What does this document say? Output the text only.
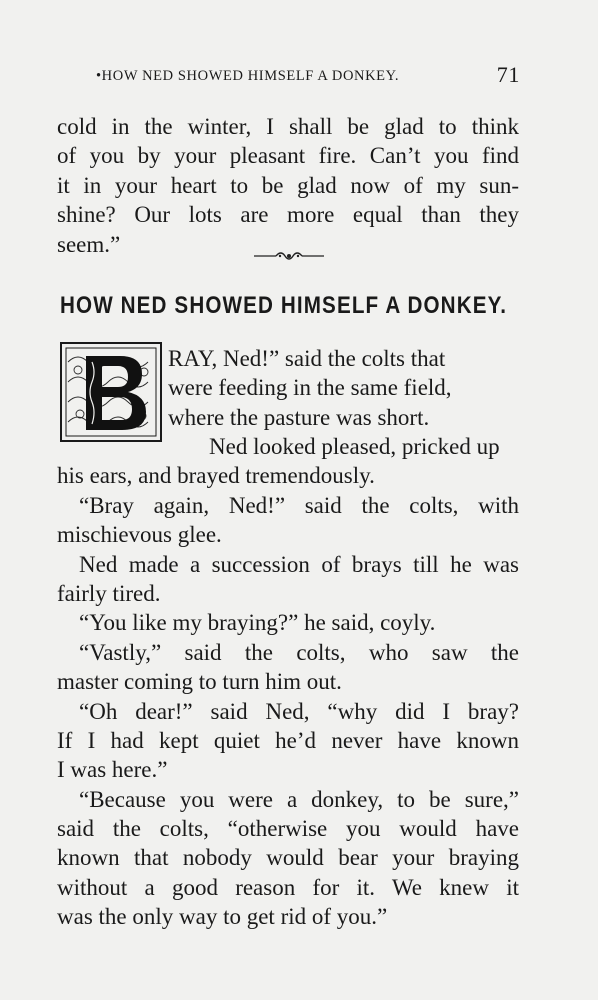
•HOW NED SHOWED HIMSELF A DONKEY.	71
cold in the winter, I shall be glad to think
of you by your pleasant fire. Can’t you find
it in your heart to be glad now of my sun-
shine? Our lots are more equal than they
seem.”
HOW NED SHOWED HIMSELF A DONKEY.
RAY, Ned!” said the colts that
were feeding in the same field,
where the pasture was short.
Ned looked pleased, pricked up
his ears, and brayed tremendously.
“Bray again, Ned!” said the colts, with
mischievous glee.
Ned made a succession of brays till he was
fairly tired.
“You like my braying?” he said, coyly.
“Vastly,” said the colts, who saw the
master coming to turn him out.
“Oh dear!” said Ned, “why did I bray?
If I had kept quiet he’d never have known
I was here.”
“Because you were a donkey, to be sure,”
said the colts, “otherwise you would have
known that nobody would bear your braying
without a good reason for it. We knew it
was the only way to get rid of you.”
